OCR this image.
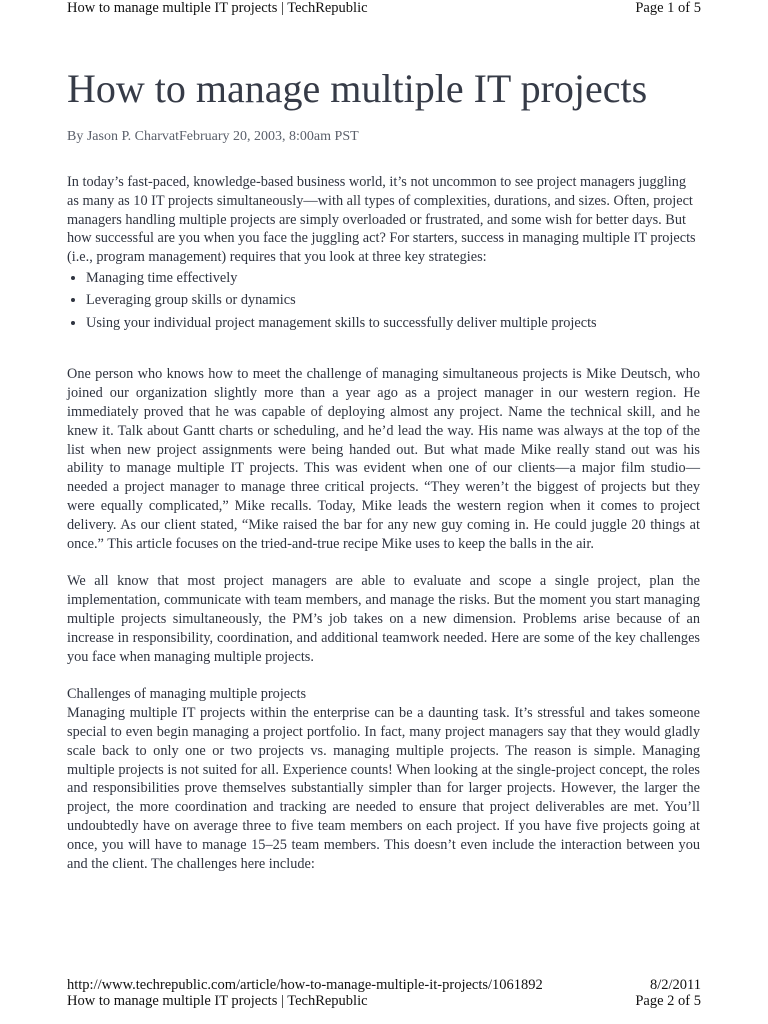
How to manage multiple IT projects | TechRepublic	Page 1 of 5
How to manage multiple IT projects
By Jason P. CharvatFebruary 20, 2003, 8:00am PST

In today’s fast-paced, knowledge-based business world, it’s not uncommon to see project managers juggling as many as 10 IT projects simultaneously—with all types of complexities, durations, and sizes. Often, project managers handling multiple projects are simply overloaded or frustrated, and some wish for better days. But how successful are you when you face the juggling act? For starters, success in managing multiple IT projects (i.e., program management) requires that you look at three key strategies:

• Managing time effectively
• Leveraging group skills or dynamics
• Using your individual project management skills to successfully deliver multiple projects

One person who knows how to meet the challenge of managing simultaneous projects is Mike Deutsch, who joined our organization slightly more than a year ago as a project manager in our western region. He immediately proved that he was capable of deploying almost any project. Name the technical skill, and he knew it. Talk about Gantt charts or scheduling, and he’d lead the way. His name was always at the top of the list when new project assignments were being handed out. But what made Mike really stand out was his ability to manage multiple IT projects. This was evident when one of our clients—a major film studio—needed a project manager to manage three critical projects. “They weren’t the biggest of projects but they were equally complicated,” Mike recalls. Today, Mike leads the western region when it comes to project delivery. As our client stated, “Mike raised the bar for any new guy coming in. He could juggle 20 things at once.” This article focuses on the tried-and-true recipe Mike uses to keep the balls in the air.

We all know that most project managers are able to evaluate and scope a single project, plan the implementation, communicate with team members, and manage the risks. But the moment you start managing multiple projects simultaneously, the PM’s job takes on a new dimension. Problems arise because of an increase in responsibility, coordination, and additional teamwork needed. Here are some of the key challenges you face when managing multiple projects.

Challenges of managing multiple projects

Managing multiple IT projects within the enterprise can be a daunting task. It’s stressful and takes someone special to even begin managing a project portfolio. In fact, many project managers say that they would gladly scale back to only one or two projects vs. managing multiple projects. The reason is simple. Managing multiple projects is not suited for all. Experience counts! When looking at the single-project concept, the roles and responsibilities prove themselves substantially simpler than for larger projects. However, the larger the project, the more coordination and tracking are needed to ensure that project deliverables are met. You’ll undoubtedly have on average three to five team members on each project. If you have five projects going at once, you will have to manage 15–25 team members. This doesn’t even include the interaction between you and the client. The challenges here include:

http://www.techrepublic.com/article/how-to-manage-multiple-it-projects/1061892	8/2/2011
How to manage multiple IT projects | TechRepublic	Page 2 of 5
